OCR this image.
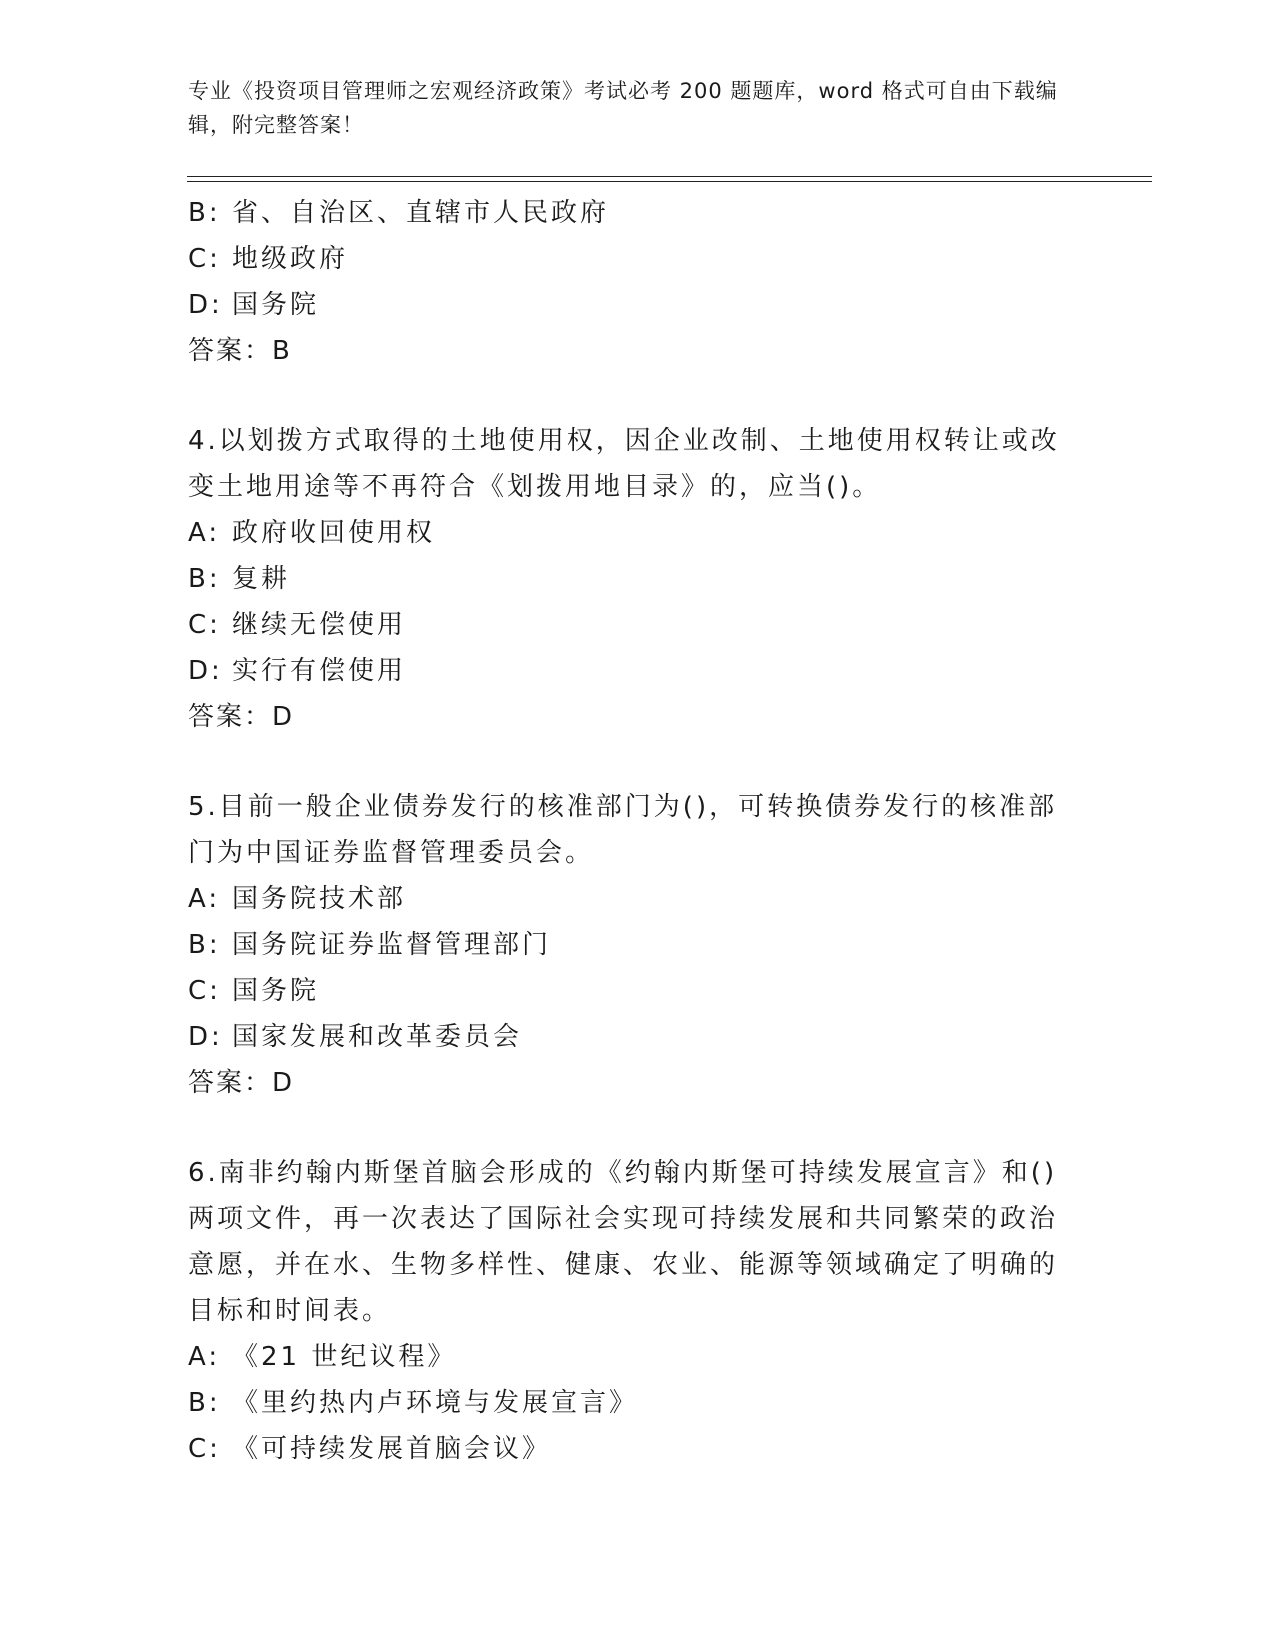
专业《投资项目管理师之宏观经济政策》考试必考 200 题题库，word 格式可自由下载编辑，附完整答案！
B: 省、自治区、直辖市人民政府
C: 地级政府
D: 国务院
答案：B
4.以划拨方式取得的土地使用权，因企业改制、土地使用权转让或改变土地用途等不再符合《划拨用地目录》的，应当()。
A: 政府收回使用权
B: 复耕
C: 继续无偿使用
D: 实行有偿使用
答案：D
5.目前一般企业债券发行的核准部门为()，可转换债券发行的核准部门为中国证券监督管理委员会。
A: 国务院技术部
B: 国务院证券监督管理部门
C: 国务院
D: 国家发展和改革委员会
答案：D
6.南非约翰内斯堡首脑会形成的《约翰内斯堡可持续发展宣言》和()两项文件，再一次表达了国际社会实现可持续发展和共同繁荣的政治意愿，并在水、生物多样性、健康、农业、能源等领域确定了明确的目标和时间表。
A: 《21 世纪议程》
B: 《里约热内卢环境与发展宣言》
C: 《可持续发展首脑会议》
